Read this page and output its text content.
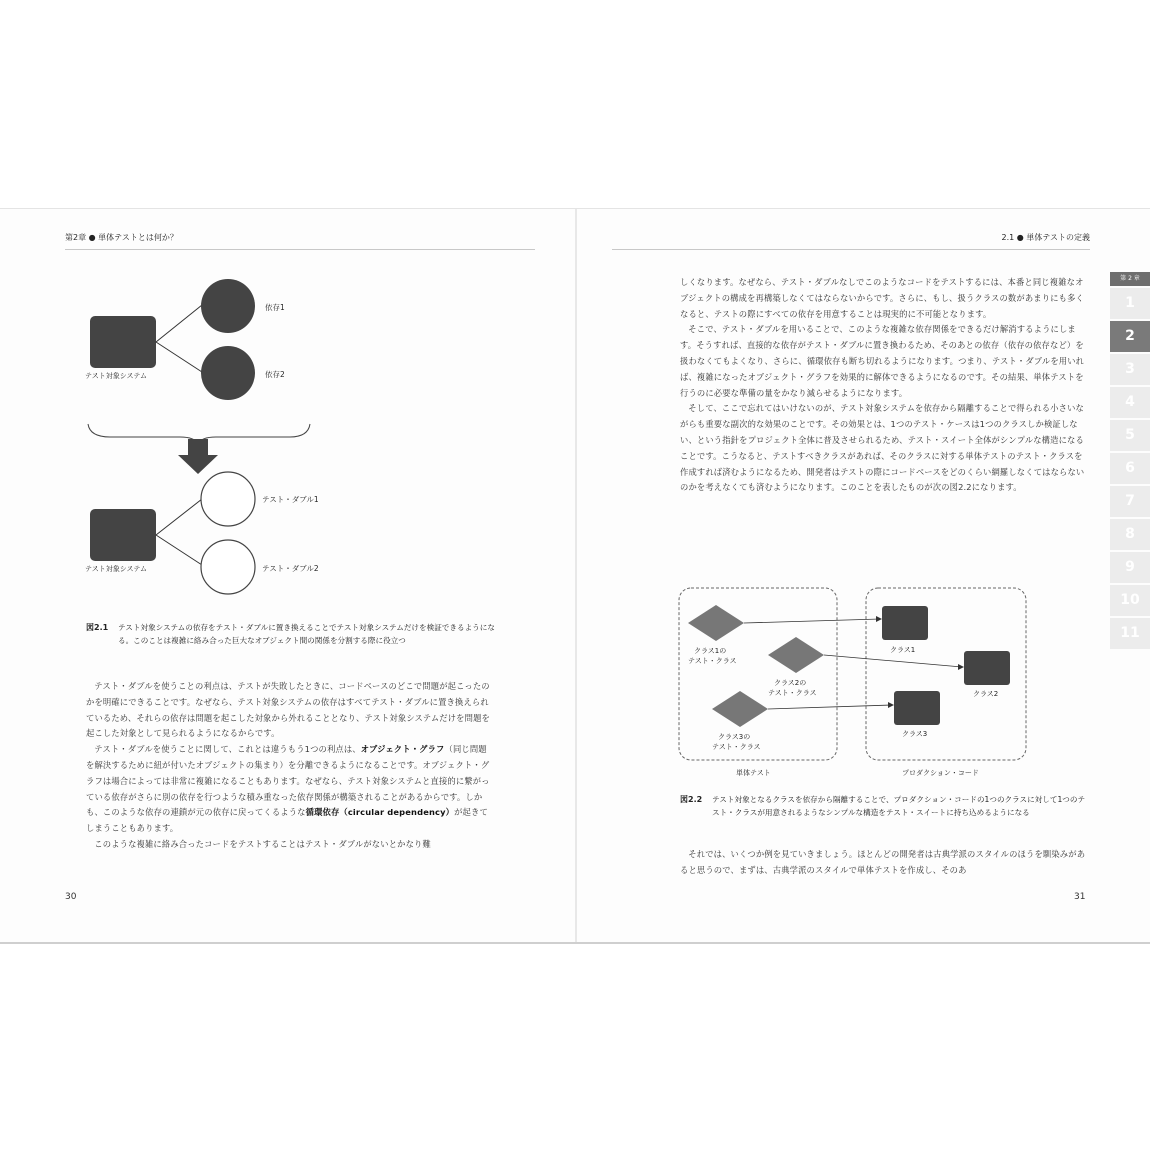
第2章 ● 単体テストとは何か？
依存1
依存2
テスト対象システム
テスト・ダブル1
テスト・ダブル2
テスト対象システム
図2.1 テスト対象システムの依存をテスト・ダブルに置き換えることでテスト対象システムだけを検証できるようになる。このことは複雑に絡み合った巨大なオブジェクト間の関係を分割する際に役立つ

テスト・ダブルを使うことの利点は、テストが失敗したときに、コードベースのどこで問題が起こったのかを明確にできることです。なぜなら、テスト対象システムの依存はすべてテスト・ダブルに置き換えられているため、それらの依存は問題を起こした対象から外れることとなり、テスト対象システムだけを問題を起こした対象として見られるようになるからです。

テスト・ダブルを使うことに関して、これとは違うもう1つの利点は、オブジェクト・グラフ（同じ問題を解決するために紐が付いたオブジェクトの集まり）を分離できるようになることです。オブジェクト・グラフは場合によっては非常に複雑になることもあります。なぜなら、テスト対象システムと直接的に繋がっている依存がさらに別の依存を行つような積み重なった依存関係が構築されることがあるからです。しかも、このような依存の連鎖が元の依存に戻ってくるような循環依存（circular dependency）が起きてしまうこともあります。

このような複雑に絡み合ったコードをテストすることはテスト・ダブルがないとかなり難

30
2.1 ● 単体テストの定義

しくなります。なぜなら、テスト・ダブルなしでこのようなコードをテストするには、本番と同じ複雑なオブジェクトの構成を再構築しなくてはならないからです。さらに、もし、扱うクラスの数があまりにも多くなると、テストの際にすべての依存を用意することは現実的に不可能となります。

そこで、テスト・ダブルを用いることで、このような複雑な依存関係をできるだけ解消するようにします。そうすれば、直接的な依存がテスト・ダブルに置き換わるため、そのあとの依存（依存の依存など）を扱わなくてもよくなり、さらに、循環依存も断ち切れるようになります。つまり、テスト・ダブルを用いれば、複雑になったオブジェクト・グラフを効果的に解体できるようになるのです。その結果、単体テストを行うのに必要な準備の量をかなり減らせるようになります。

そして、ここで忘れてはいけないのが、テスト対象システムを依存から隔離することで得られる小さいながらも重要な副次的な効果のことです。その効果とは、1つのテスト・ケースは1つのクラスしか検証しない、という指針をプロジェクト全体に普及させられるため、テスト・スイート全体がシンプルな構造になることです。こうなると、テストすべきクラスがあれば、そのクラスに対する単体テストのテスト・クラスを作成すれば済むようになるため、開発者はテストの際にコードベースをどのくらい網羅しなくてはならないのかを考えなくても済むようになります。このことを表したものが次の図2.2になります。

クラス1の
テスト・クラス
クラス2の
テスト・クラス
クラス3の
テスト・クラス
クラス1
クラス2
クラス3
単体テスト	プロダクション・コード
図2.2 テスト対象となるクラスを依存から隔離することで、プロダクション・コードの1つのクラスに対して1つのテスト・クラスが用意されるようなシンプルな構造をテスト・スイートに持ち込めるようになる

それでは、いくつか例を見ていきましょう。ほとんどの開発者は古典学派のスタイルのほうを馴染みがあると思うので、まずは、古典学派のスタイルで単体テストを作成し、そのあ

31
第 2 章
1
2
3
4
5
6
7
8
9
10
11
